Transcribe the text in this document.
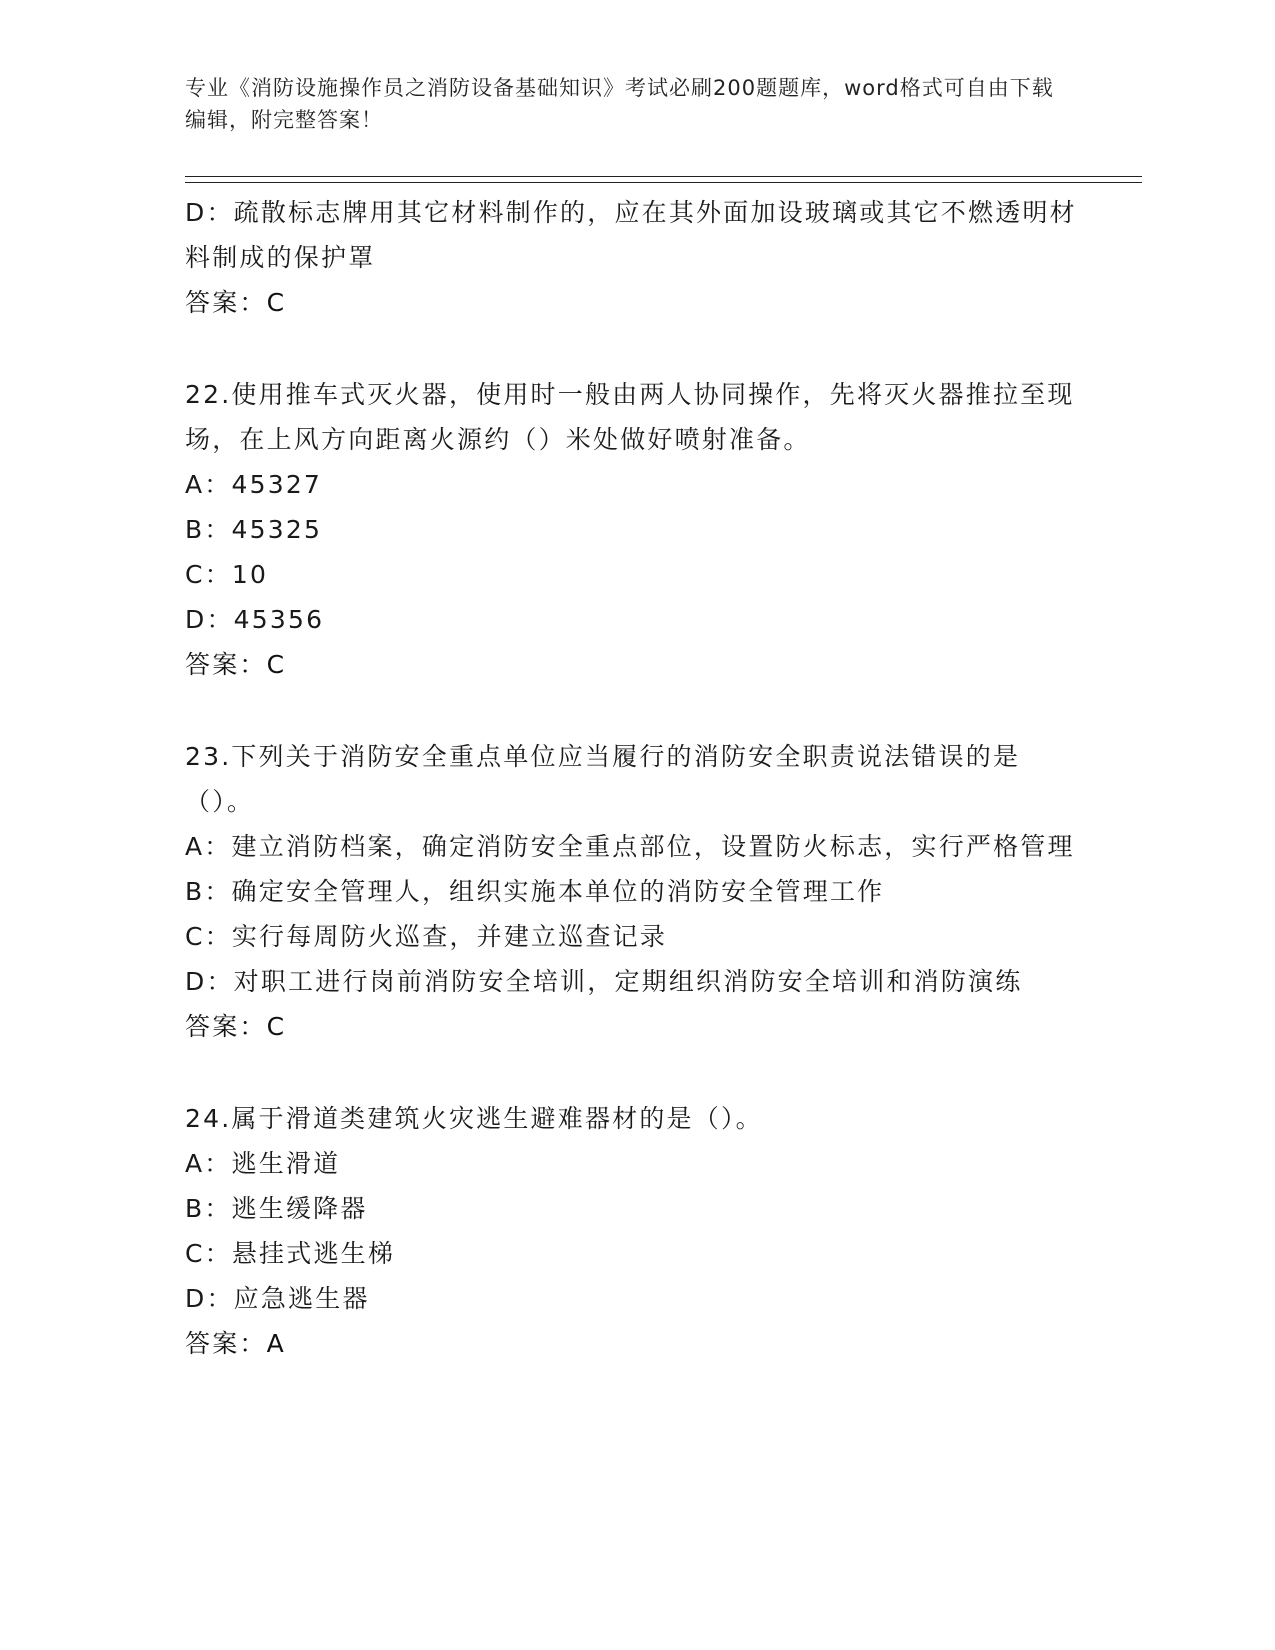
专业《消防设施操作员之消防设备基础知识》考试必刷200题题库，word格式可自由下载编辑，附完整答案！
D：疏散标志牌用其它材料制作的，应在其外面加设玻璃或其它不燃透明材料制成的保护罩
答案：C
22.使用推车式灭火器，使用时一般由两人协同操作，先将灭火器推拉至现场，在上风方向距离火源约（）米处做好喷射准备。
A：45327
B：45325
C：10
D：45356
答案：C
23.下列关于消防安全重点单位应当履行的消防安全职责说法错误的是（）。
A：建立消防档案，确定消防安全重点部位，设置防火标志，实行严格管理
B：确定安全管理人，组织实施本单位的消防安全管理工作
C：实行每周防火巡查，并建立巡查记录
D：对职工进行岗前消防安全培训，定期组织消防安全培训和消防演练
答案：C
24.属于滑道类建筑火灾逃生避难器材的是（）。
A：逃生滑道
B：逃生缓降器
C：悬挂式逃生梯
D：应急逃生器
答案：A
